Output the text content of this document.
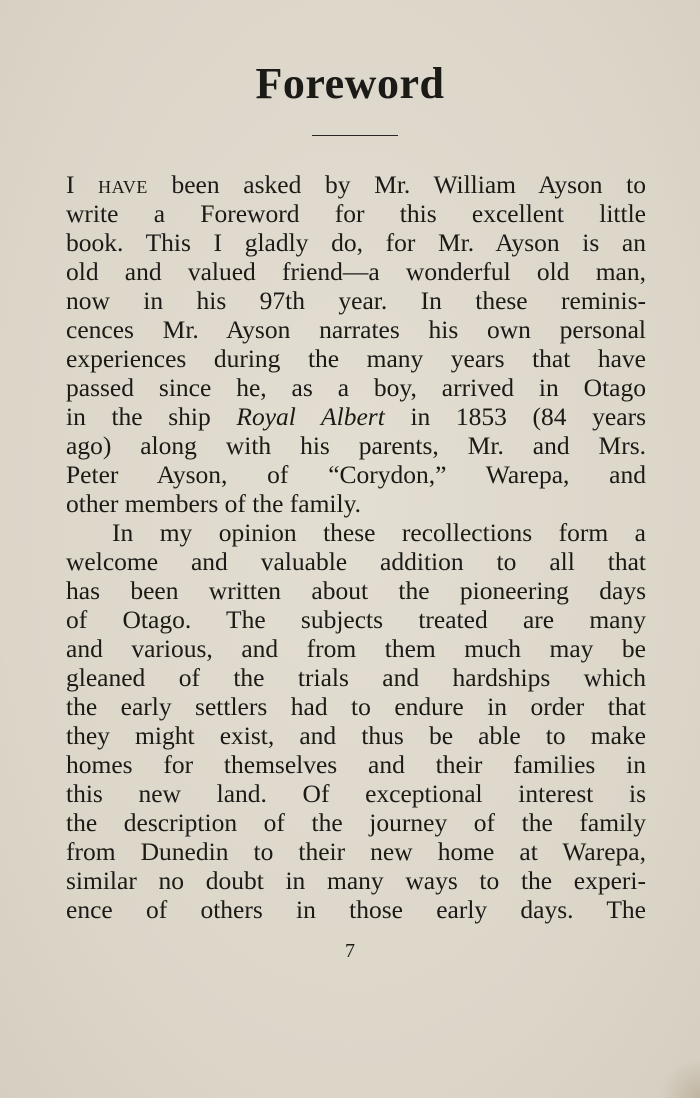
Foreword
I have been asked by Mr. William Ayson to
write a Foreword for this excellent little
book. This I gladly do, for Mr. Ayson is an
old and valued friend—a wonderful old man,
now in his 97th year. In these reminis-
cences Mr. Ayson narrates his own personal
experiences during the many years that have
passed since he, as a boy, arrived in Otago
in the ship Royal Albert in 1853 (84 years
ago) along with his parents, Mr. and Mrs.
Peter Ayson, of “Corydon,” Warepa, and
other members of the family.
In my opinion these recollections form a
welcome and valuable addition to all that
has been written about the pioneering days
of Otago. The subjects treated are many
and various, and from them much may be
gleaned of the trials and hardships which
the early settlers had to endure in order that
they might exist, and thus be able to make
homes for themselves and their families in
this new land. Of exceptional interest is
the description of the journey of the family
from Dunedin to their new home at Warepa,
similar no doubt in many ways to the experi-
ence of others in those early days. The
7
